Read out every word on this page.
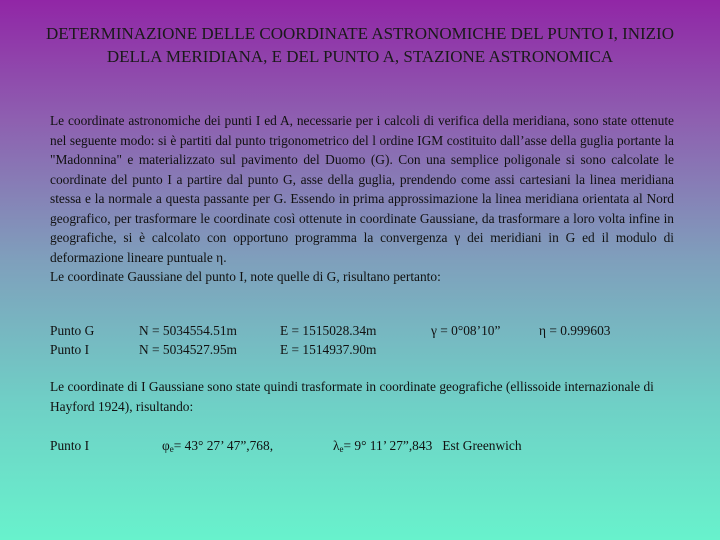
DETERMINAZIONE DELLE COORDINATE ASTRONOMICHE DEL PUNTO I, INIZIO DELLA MERIDIANA, E DEL PUNTO A, STAZIONE ASTRONOMICA
Le coordinate astronomiche dei punti I ed A, necessarie per i calcoli di verifica della meridiana, sono state ottenute nel seguente modo: si è partiti dal punto trigonometrico del l ordine IGM costituito dall’asse della guglia portante la "Madonnina" e materializzato sul pavimento del Duomo (G). Con una semplice poligonale si sono calcolate le coordinate del punto I a partire dal punto G, asse della guglia, prendendo come assi cartesiani la linea meridiana stessa e la normale a questa passante per G. Essendo in prima approssimazione la linea meridiana orientata al Nord geografico, per trasformare le coordinate così ottenute in coordinate Gaussiane, da trasformare a loro volta infine in geografiche, si è calcolato con opportuno programma la convergenza γ dei meridiani in G ed il modulo di deformazione lineare puntuale η.
Le coordinate Gaussiane del punto I, note quelle di G, risultano pertanto:
Punto G	N = 5034554.51m	E = 1515028.34m	γ = 0°08’10”	η = 0.999603
Punto I	N = 5034527.95m	E = 1514937.90m
Le coordinate di I Gaussiane sono state quindi trasformate in coordinate geografiche (ellissoide internazionale di Hayford 1924), risultando:
Punto I	$\varphi_e= 43^\circ$ 27’ 47”,768,	$\lambda_e= 9^\circ$ 11’ 27”,843   Est Greenwich
